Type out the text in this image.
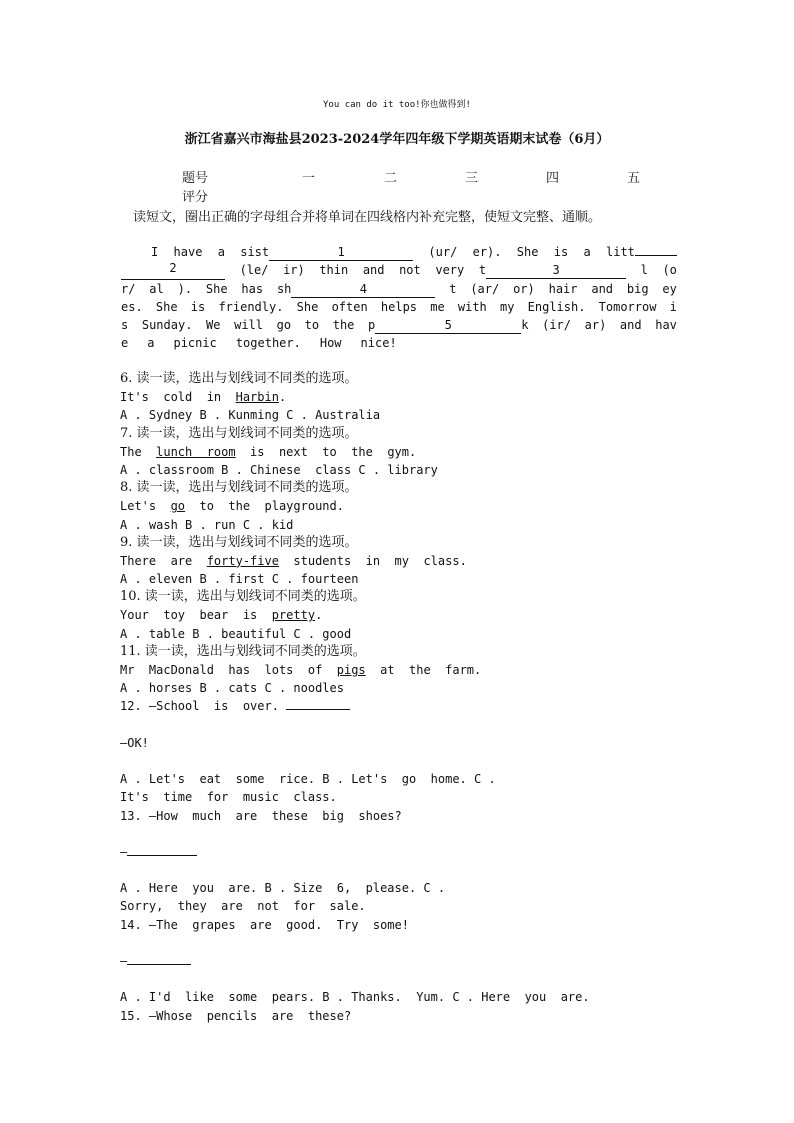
You can do it too!你也做得到!
浙江省嘉兴市海盐县2023-2024学年四年级下学期英语期末试卷（6月）
题号	一	二	三	四	五
评分
读短文，圈出正确的字母组合并将单词在四线格内补充完整，使短文完整、通顺。
I have a sist	1	(ur/ er). She is a litt
2	(le/ ir) thin and not very t	3	l (o
r/ al ). She has sh	4	t (ar/ or) hair and big ey
es. She is friendly. She often helps me with my English. Tomorrow i
s Sunday. We will go to the p	5	k (ir/ ar) and hav
e a picnic together. How nice!
6. 读一读，选出与划线词不同类的选项。
It's  cold  in  Harbin.
A . Sydney B . Kunming C . Australia
7. 读一读，选出与划线词不同类的选项。
The  lunch  room  is  next  to  the  gym.
A . classroom B . Chinese  class C . library
8. 读一读，选出与划线词不同类的选项。
Let's  go  to  the  playground.
A . wash B . run C . kid
9. 读一读，选出与划线词不同类的选项。
There  are  forty-five  students  in  my  class.
A . eleven B . first C . fourteen
10. 读一读，选出与划线词不同类的选项。
Your  toy  bear  is  pretty.
A . table B . beautiful C . good
11. 读一读，选出与划线词不同类的选项。
Mr  MacDonald  has  lots  of  pigs  at  the  farm.
A . horses B . cats C . noodles
12. —School  is  over.
—OK!
A . Let's  eat  some  rice. B . Let's  go  home. C .
It's  time  for  music  class.
13. —How  much  are  these  big  shoes?
—
A . Here  you  are. B . Size  6,  please. C .
Sorry,  they  are  not  for  sale.
14. —The  grapes  are  good.  Try  some!
—
A . I'd  like  some  pears. B . Thanks.  Yum. C . Here  you  are.
15. —Whose  pencils  are  these?
